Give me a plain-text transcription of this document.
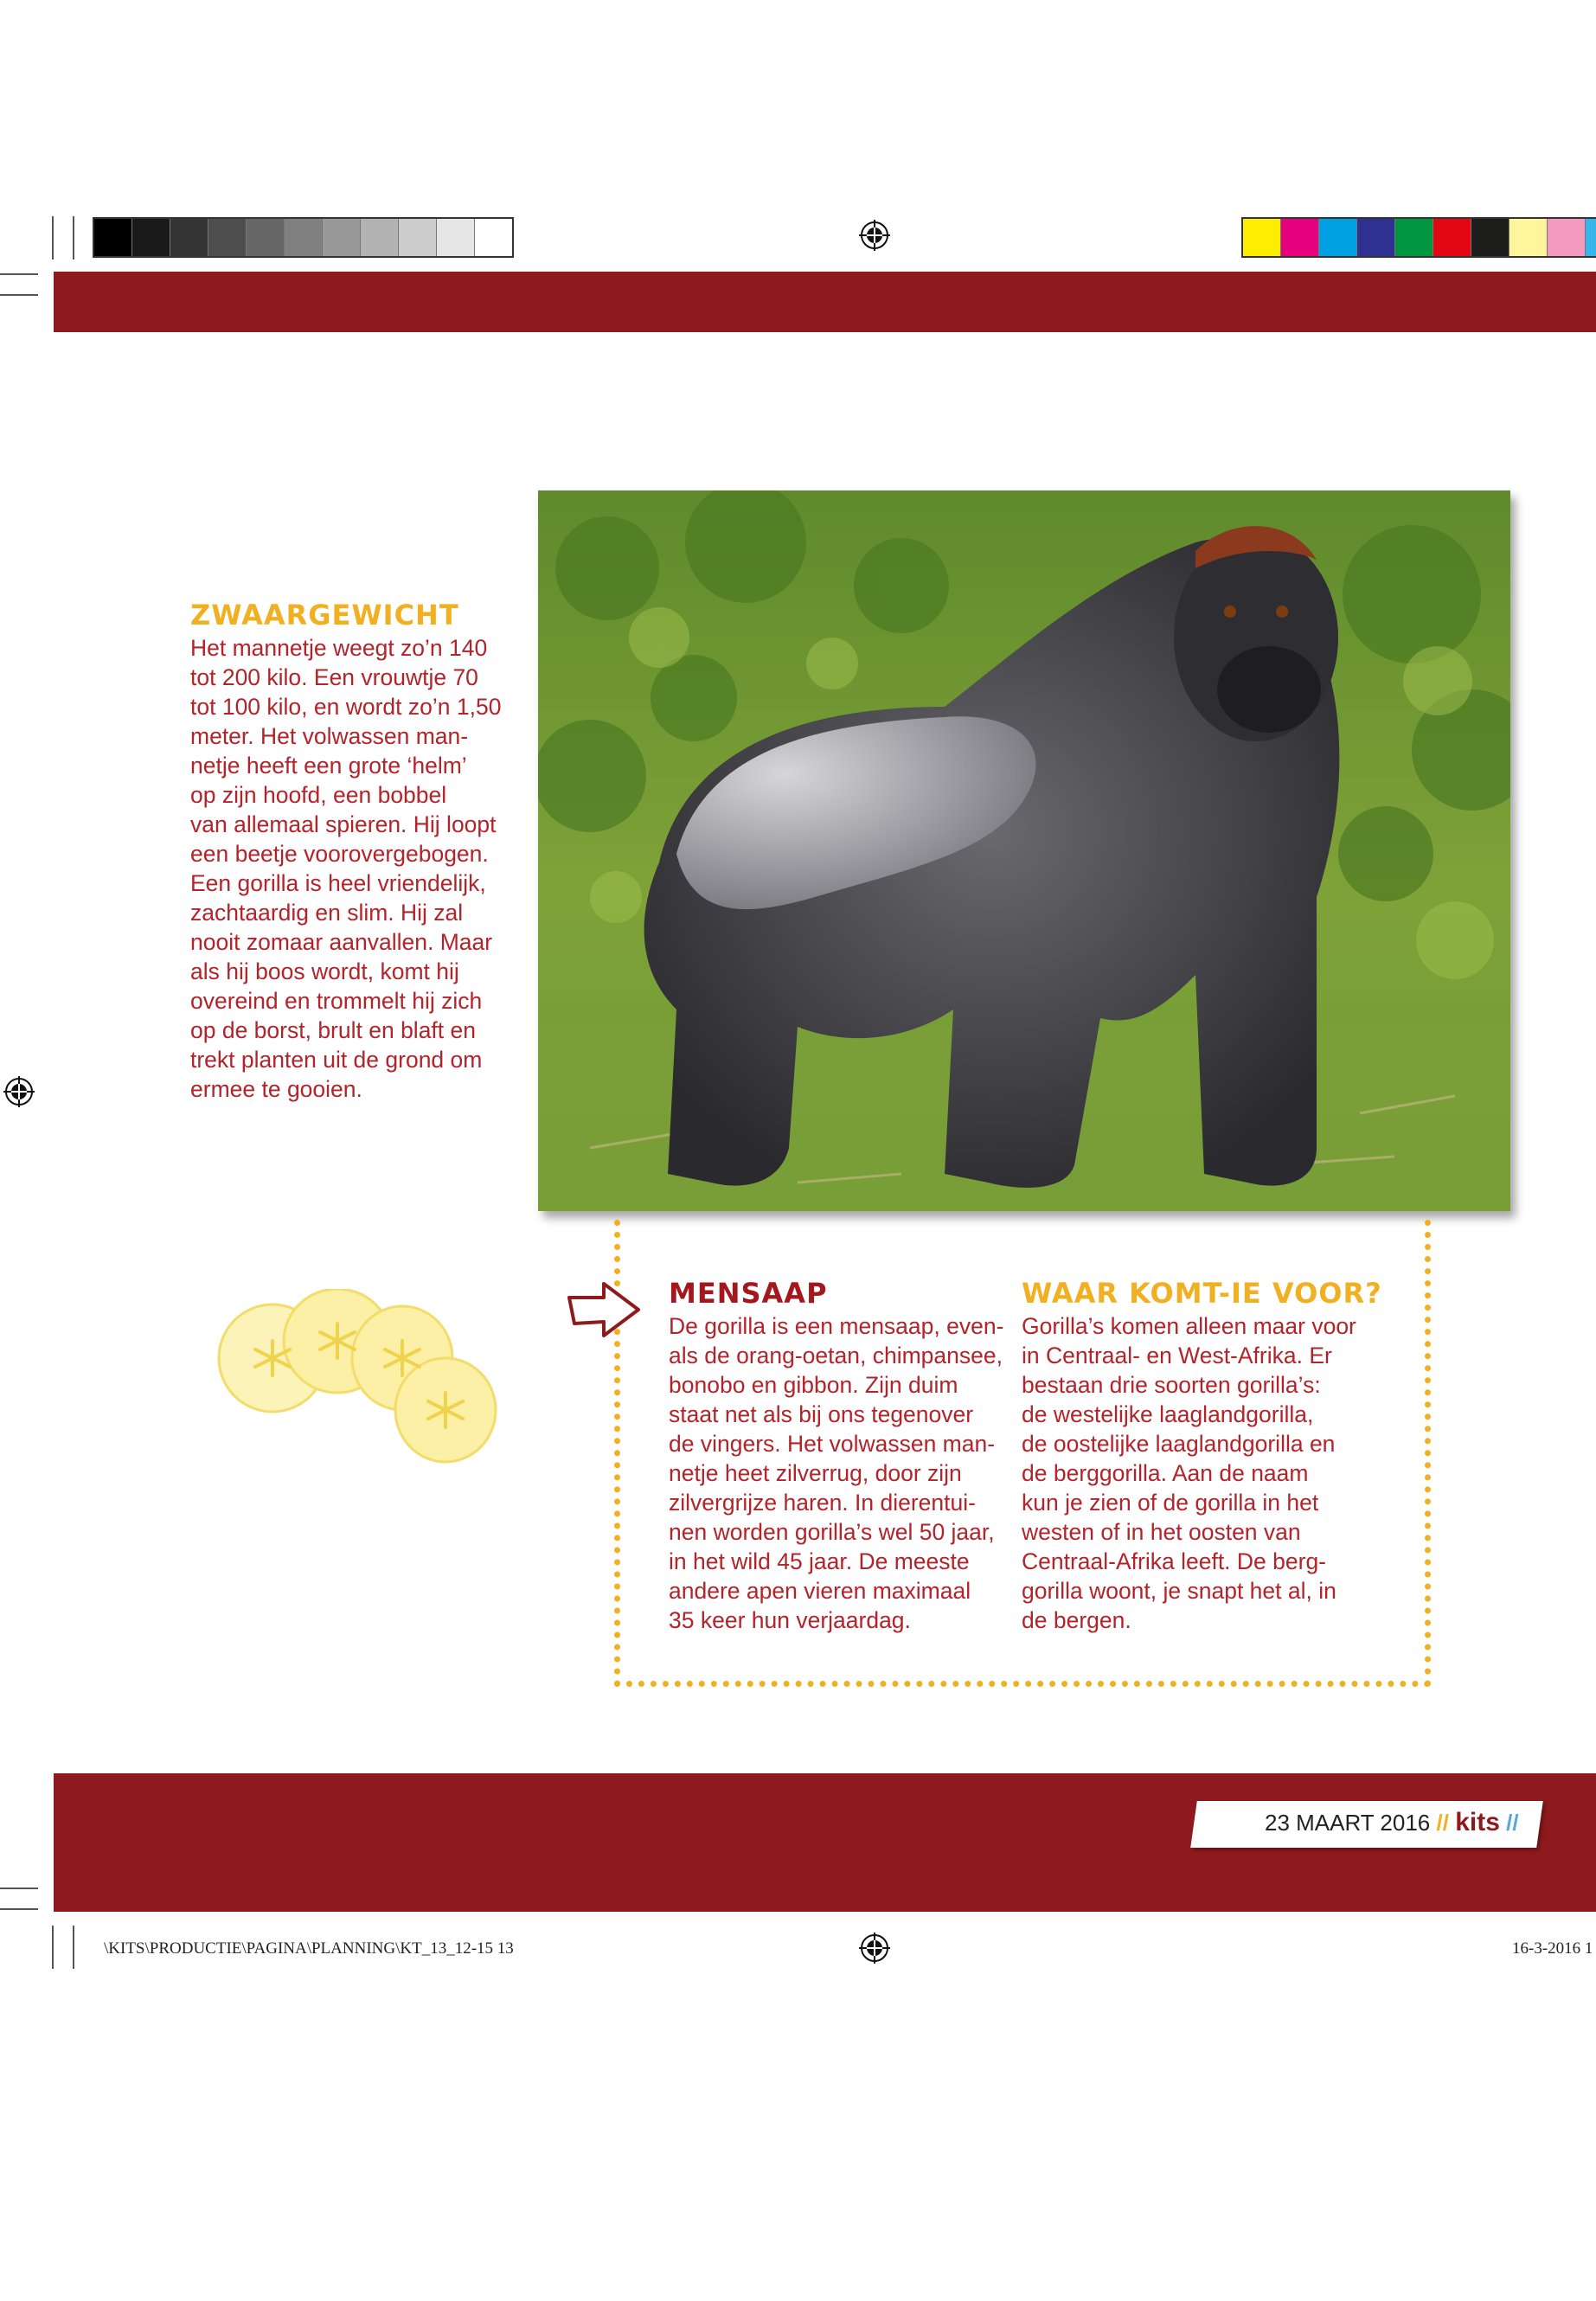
ZWAARGEWICHT
Het mannetje weegt zo’n 140
tot 200 kilo. Een vrouwtje 70
tot 100 kilo, en wordt zo’n 1,50
meter. Het volwassen man-
netje heeft een grote ‘helm’
op zijn hoofd, een bobbel
van allemaal spieren. Hij loopt
een beetje voorovergebogen.
Een gorilla is heel vriendelijk,
zachtaardig en slim. Hij zal
nooit zomaar aanvallen. Maar
als hij boos wordt, komt hij
overeind en trommelt hij zich
op de borst, brult en blaft en
trekt planten uit de grond om
ermee te gooien.
MENSAAP
De gorilla is een mensaap, even-
als de orang-oetan, chimpansee,
bonobo en gibbon. Zijn duim
staat net als bij ons tegenover
de vingers. Het volwassen man-
netje heet zilverrug, door zijn
zilvergrijze haren. In dierentui-
nen worden gorilla’s wel 50 jaar,
in het wild 45 jaar. De meeste
andere apen vieren maximaal
35 keer hun verjaardag.
WAAR KOMT-IE VOOR?
Gorilla’s komen alleen maar voor
in Centraal- en West-Afrika. Er
bestaan drie soorten gorilla’s:
de westelijke laaglandgorilla,
de oostelijke laaglandgorilla en
de berggorilla. Aan de naam
kun je zien of de gorilla in het
westen of in het oosten van
Centraal-Afrika leeft. De berg-
gorilla woont, je snapt het al, in
de bergen.
23 MAART 2016 // kits //
\KITS\PRODUCTIE\PAGINA\PLANNING\KT_13_12-15 13	16-3-2016 1
